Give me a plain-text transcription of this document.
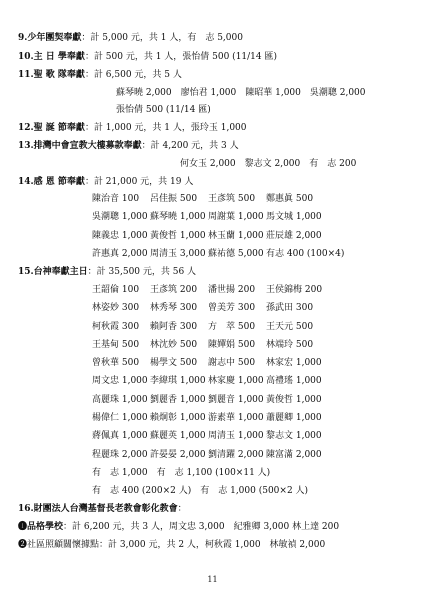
9.少年團契奉獻：計 5,000 元，共 1 人，有　志 5,000
10.主 日 學奉獻：計 500 元，共 1 人，張怡倩 500 (11/14 匯)
11.聖 歌 隊奉獻：計 6,500 元，共 5 人
蘇琴曉 2,000　廖怡君 1,000　陳昭華 1,000　吳潮聰 2,000
張怡倩 500 (11/14 匯)
12.聖 誕 節奉獻：計 1,000 元，共 1 人，張玲玉 1,000
13.排灣中會宣教大樓募款奉獻：計 4,200 元，共 3 人
何女玉 2,000　黎志文 2,000　有　志 200
14.感 恩 節奉獻：計 21,000 元，共 19 人
陳治音 100 呂佳振 500 王彥筑 500 鄭惠眞 500
吳潮聰 1,000 蘇琴曉 1,000 周謝葉 1,000 馬文城 1,000
陳義忠 1,000 黃俊哲 1,000 林玉蘭 1,000 莊辰雄 2,000
許惠真 2,000 周清玉 3,000 蘇祐德 5,000 有志 400 (100×4)
15.台神奉獻主日：計 35,500 元，共 56 人
王韶倫 100 王彥筑 200 潘世揚 200 王侯錦梅 200
林姿妙 300 林秀琴 300 曾美芳 300 孫武田 300
柯秋霞 300 賴阿香 300 方　萃 500 王天元 500
王基甸 500 林沈妙 500 陳嬋娟 500 林端玲 500
曾秋華 500 楊學文 500 謝志中 500 林家宏 1,000
周文忠 1,000 李緯琪 1,000 林家慶 1,000 高禮瑤 1,000
高麗珠 1,000 劉麗香 1,000 劉麗音 1,000 黃俊哲 1,000
楊偉仁 1,000 賴炯彰 1,000 游素華 1,000 蕭麗卿 1,000
蔣佩真 1,000 蘇麗英 1,000 周清玉 1,000 黎志文 1,000
程麗珠 2,000 許晏晏 2,000 劉清躍 2,000 陳富滿 2,000
有　志 1,000　有　志 1,100 (100×11 人)
有　志 400 (200×2 人)　有　志 1,000 (500×2 人)
16.財團法人台灣基督長老教會彰化教會：
❶品格學校：計 6,200 元，共 3 人，周文忠 3,000　紀雅卿 3,000 林上達 200
❷社區照顧關懷據點：計 3,000 元，共 2 人，柯秋霞 1,000　林敏禎 2,000
11
